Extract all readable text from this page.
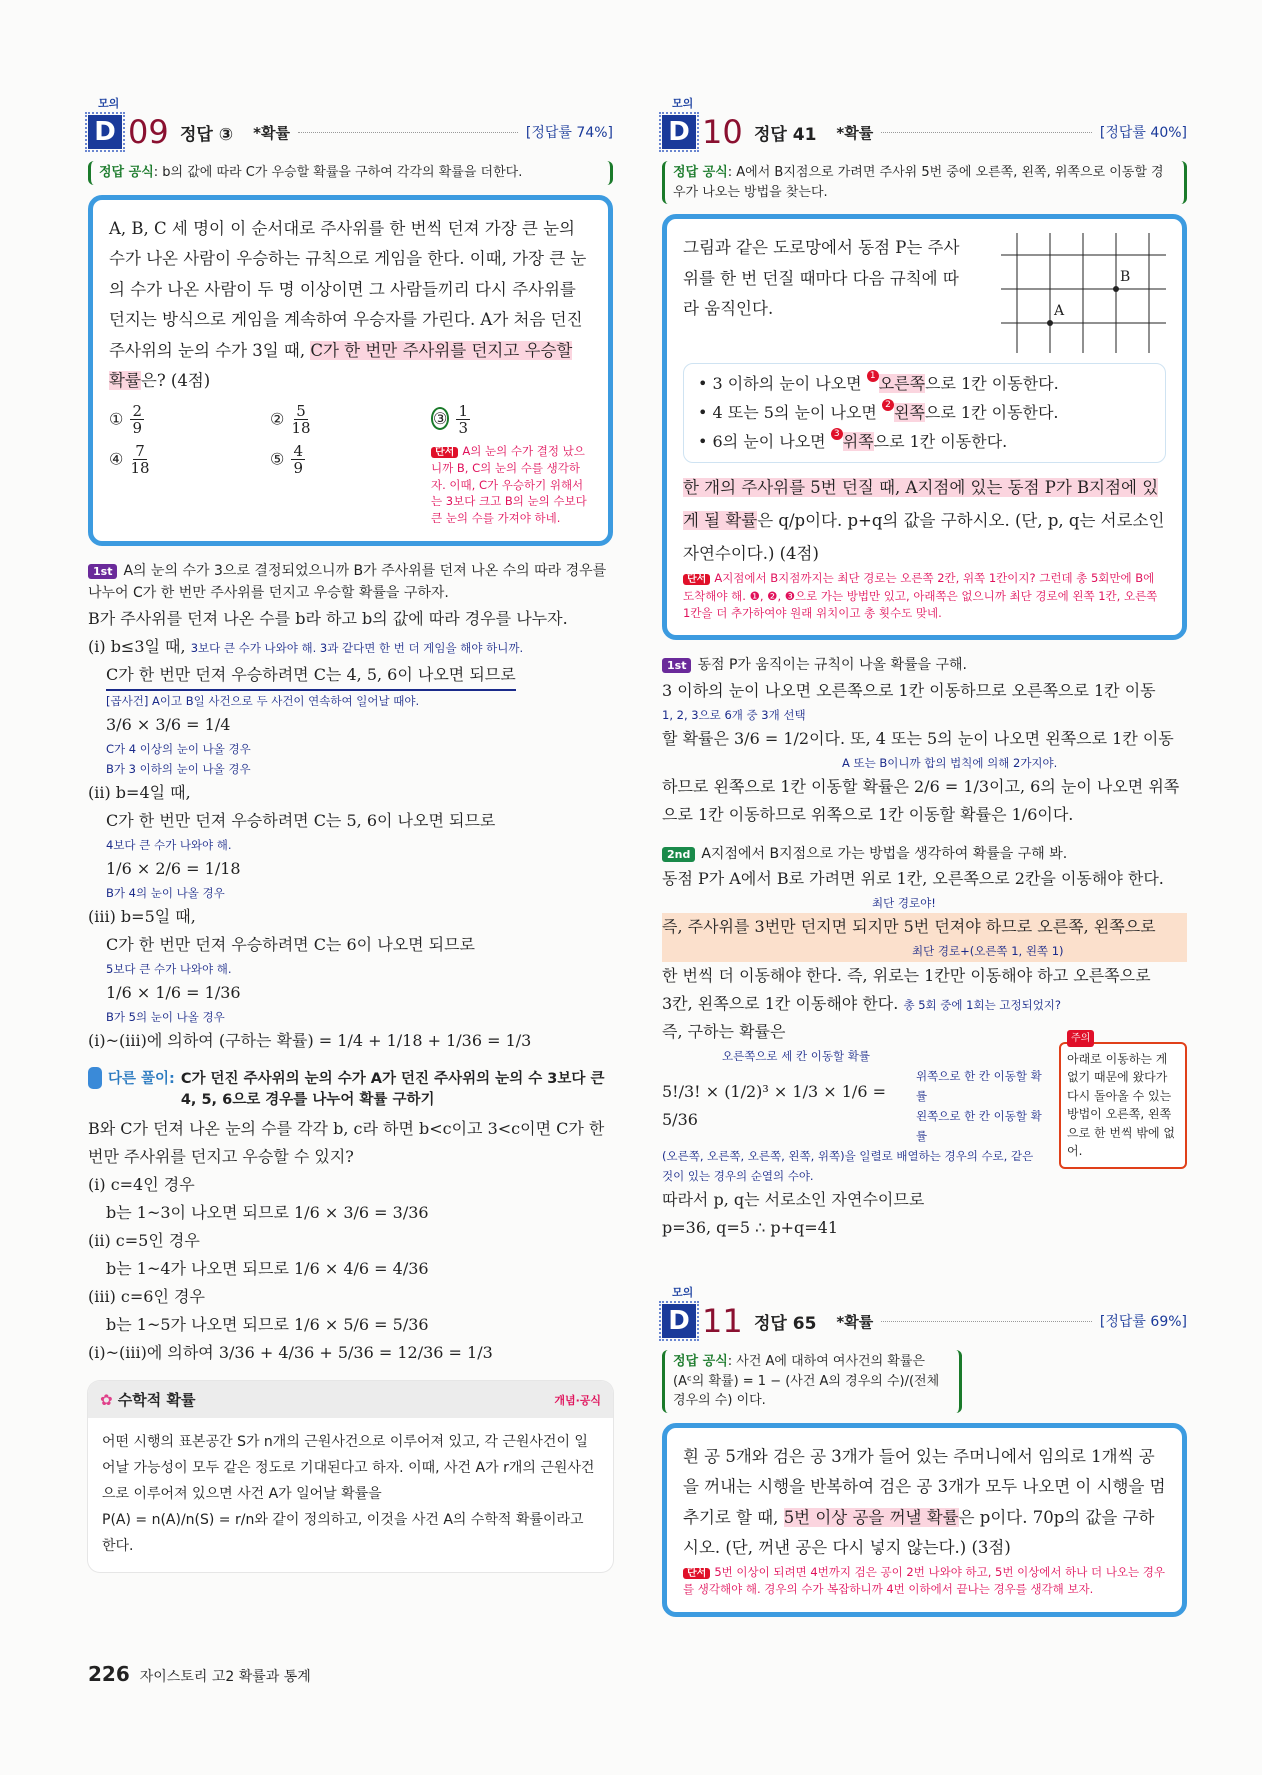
모의
D 09 정답 ③ *확률	[정답률 74%]
정답 공식: b의 값에 따라 C가 우승할 확률을 구하여 각각의 확률을 더한다.
A, B, C 세 명이 이 순서대로 주사위를 한 번씩 던져 가장 큰 눈의 수가 나온 사람이 우승하는 규칙으로 게임을 한다. 이때, 가장 큰 눈의 수가 나온 사람이 두 명 이상이면 그 사람들끼리 다시 주사위를 던지는 방식으로 게임을 계속하여 우승자를 가린다. A가 처음 던진 주사위의 눈의 수가 3일 때, C가 한 번만 주사위를 던지고 우승할 확률은? (4점)
① $\frac{2}{9}$	② $\frac{5}{18}$	③ $\frac{1}{3}$
④ $\frac{7}{18}$	⑤ $\frac{4}{9}$	단서 A의 눈의 수가 결정 났으니까 B, C의 눈의 수를 생각하자. 이때, C가 우승하기 위해서는 3보다 크고 B의 눈의 수보다 큰 눈의 수를 가져야 하네.
1st A의 눈의 수가 3으로 결정되었으니까 B가 주사위를 던져 나온 수의 따라 경우를 나누어 C가 한 번만 주사위를 던지고 우승할 확률을 구하자.
B가 주사위를 던져 나온 수를 b라 하고 b의 값에 따라 경우를 나누자.
(i) b≤3일 때, 3보다 큰 수가 나와야 해. 3과 같다면 한 번 더 게임을 해야 하니까.
C가 한 번만 던져 우승하려면 C는 4, 5, 6이 나오면 되므로
[곱사건] A이고 B일 사건으로 두 사건이 연속하여 일어날 때야.
3/6 × 3/6 = 1/4
C가 4 이상의 눈이 나올 경우
B가 3 이하의 눈이 나올 경우
(ii) b=4일 때,
C가 한 번만 던져 우승하려면 C는 5, 6이 나오면 되므로
4보다 큰 수가 나와야 해.
1/6 × 2/6 = 1/18
B가 4의 눈이 나올 경우
(iii) b=5일 때,
C가 한 번만 던져 우승하려면 C는 6이 나오면 되므로
5보다 큰 수가 나와야 해.
1/6 × 1/6 = 1/36
B가 5의 눈이 나올 경우
(i)~(iii)에 의하여 (구하는 확률) = 1/4 + 1/18 + 1/36 = 1/3
다른 풀이: C가 던진 주사위의 눈의 수가 A가 던진 주사위의 눈의 수 3보다 큰 4, 5, 6으로 경우를 나누어 확률 구하기
B와 C가 던져 나온 눈의 수를 각각 b, c라 하면 b<c이고 3<c이면 C가 한 번만 주사위를 던지고 우승할 수 있지?
(i) c=4인 경우
b는 1~3이 나오면 되므로 1/6 × 3/6 = 3/36
(ii) c=5인 경우
b는 1~4가 나오면 되므로 1/6 × 4/6 = 4/36
(iii) c=6인 경우
b는 1~5가 나오면 되므로 1/6 × 5/6 = 5/36
(i)~(iii)에 의하여 3/36 + 4/36 + 5/36 = 12/36 = 1/3
✿ 수학적 확률	개념·공식
어떤 시행의 표본공간 S가 n개의 근원사건으로 이루어져 있고, 각 근원사건이 일어날 가능성이 모두 같은 정도로 기대된다고 하자. 이때, 사건 A가 r개의 근원사건으로 이루어져 있으면 사건 A가 일어날 확률을
P(A) = n(A)/n(S) = r/n와 같이 정의하고, 이것을 사건 A의 수학적 확률이라고 한다.
모의
D 10 정답 41 *확률	[정답률 40%]
정답 공식: A에서 B지점으로 가려면 주사위 5번 중에 오른쪽, 왼쪽, 위쪽으로 이동할 경우가 나오는 방법을 찾는다.
그림과 같은 도로망에서 동점 P는 주사위를 한 번 던질 때마다 다음 규칙에 따라 움직인다.	A
B
• 3 이하의 눈이 나오면 1 오른쪽으로 1칸 이동한다.
• 4 또는 5의 눈이 나오면 2 왼쪽으로 1칸 이동한다.
• 6의 눈이 나오면 3 위쪽으로 1칸 이동한다.
한 개의 주사위를 5번 던질 때, A지점에 있는 동점 P가 B지점에 있게 될 확률은 q/p이다. p+q의 값을 구하시오. (단, p, q는 서로소인 자연수이다.) (4점)
단서 A지점에서 B지점까지는 최단 경로는 오른쪽 2칸, 위쪽 1칸이지? 그런데 총 5회만에 B에 도착해야 해. ❶, ❷, ❸으로 가는 방법만 있고, 아래쪽은 없으니까 최단 경로에 왼쪽 1칸, 오른쪽 1칸을 더 추가하여야 원래 위치이고 총 횟수도 맞네.
1st 동점 P가 움직이는 규칙이 나올 확률을 구해.
3 이하의 눈이 나오면 오른쪽으로 1칸 이동하므로 오른쪽으로 1칸 이동
1, 2, 3으로 6개 중 3개 선택
할 확률은 3/6 = 1/2이다. 또, 4 또는 5의 눈이 나오면 왼쪽으로 1칸 이동
A 또는 B이니까 합의 법칙에 의해 2가지야.
하므로 왼쪽으로 1칸 이동할 확률은 2/6 = 1/3이고, 6의 눈이 나오면 위쪽
으로 1칸 이동하므로 위쪽으로 1칸 이동할 확률은 1/6이다.
2nd A지점에서 B지점으로 가는 방법을 생각하여 확률을 구해 봐.
동점 P가 A에서 B로 가려면 위로 1칸, 오른쪽으로 2칸을 이동해야 한다.
최단 경로야!
즉, 주사위를 3번만 던지면 되지만 5번 던져야 하므로 오른쪽, 왼쪽으로
최단 경로+(오른쪽 1, 왼쪽 1)
한 번씩 더 이동해야 한다. 즉, 위로는 1칸만 이동해야 하고 오른쪽으로
3칸, 왼쪽으로 1칸 이동해야 한다. 총 5회 중에 1회는 고정되었지?
주의
아래로 이동하는 게 없기 때문에 왔다가 다시 돌아올 수 있는 방법이 오른쪽, 왼쪽으로 한 번씩 밖에 없어.
즉, 구하는 확률은
오른쪽으로 세 칸 이동할 확률
5!/3! × (1/2)³ × 1/3 × 1/6 = 5/36
위쪽으로 한 칸 이동할 확률
왼쪽으로 한 칸 이동할 확률
(오른쪽, 오른쪽, 오른쪽, 왼쪽, 위쪽)을 일렬로 배열하는 경우의 수로, 같은 것이 있는 경우의 순열의 수야.
따라서 p, q는 서로소인 자연수이므로
p=36, q=5 ∴ p+q=41
모의
D 11 정답 65 *확률	[정답률 69%]
정답 공식: 사건 A에 대하여 여사건의 확률은
(Aᶜ의 확률) = 1 − (사건 A의 경우의 수)/(전체 경우의 수) 이다.
흰 공 5개와 검은 공 3개가 들어 있는 주머니에서 임의로 1개씩 공을 꺼내는 시행을 반복하여 검은 공 3개가 모두 나오면 이 시행을 멈추기로 할 때, 5번 이상 공을 꺼낼 확률은 p이다. 70p의 값을 구하시오. (단, 꺼낸 공은 다시 넣지 않는다.) (3점)
단서 5번 이상이 되려면 4번까지 검은 공이 2번 나와야 하고, 5번 이상에서 하나 더 나오는 경우를 생각해야 해. 경우의 수가 복잡하니까 4번 이하에서 끝나는 경우를 생각해 보자.
226 자이스토리 고2 확률과 통계
